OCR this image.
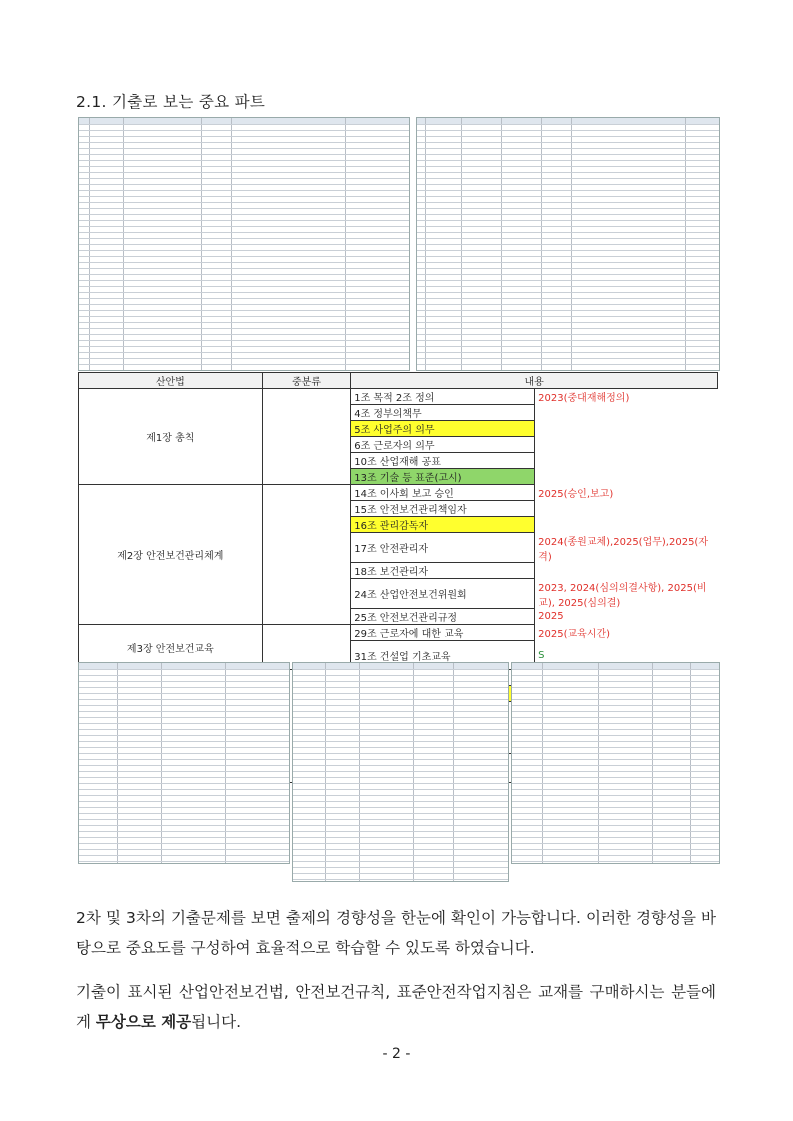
2.1. 기출로 보는 중요 파트
산안법	중분류	내용	
제1장 총칙		1조 목적 2조 정의	2023(중대재해정의)
		4조 정부의책무	
		5조 사업주의 의무	
		6조 근로자의 의무	
		10조 산업재해 공표	
		13조 기술 등 표준(고시)	
제2장 안전보건관리체계		14조 이사회 보고 승인	2025(승인,보고)
		15조 안전보건관리책임자	
		16조 관리감독자	
		17조 안전관리자	2024(종원교체),2025(업무),2025(자격)
		18조 보건관리자	
		24조 산업안전보건위원회	2023, 2024(심의의결사항), 2025(비교), 2025(심의결)
		25조 안전보건관리규정	2025
제3장 안전보건교육		29조 근로자에 대한 교육	2025(교육시간)
		31조 건설업 기초교육	S

2차 및 3차의 기출문제를 보면 출제의 경향성을 한눈에 확인이 가능합니다. 이러한 경향성을 바탕으로 중요도를 구성하여 효율적으로 학습할 수 있도록 하였습니다.
기출이 표시된 산업안전보건법, 안전보건규칙, 표준안전작업지침은 교재를 구매하시는 분들에게 무상으로 제공됩니다.
- 2 -
